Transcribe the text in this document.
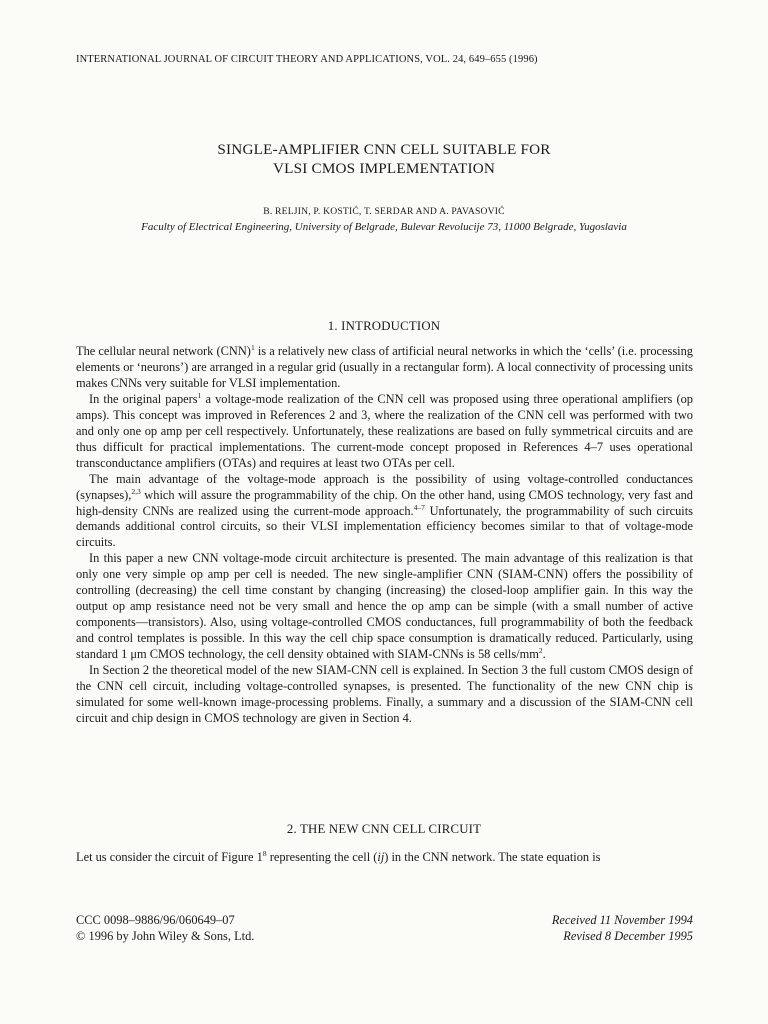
INTERNATIONAL JOURNAL OF CIRCUIT THEORY AND APPLICATIONS, VOL. 24, 649–655 (1996)
SINGLE-AMPLIFIER CNN CELL SUITABLE FOR
VLSI CMOS IMPLEMENTATION
B. RELJIN, P. KOSTIĆ, T. SERDAR AND A. PAVASOVIĆ
Faculty of Electrical Engineering, University of Belgrade, Bulevar Revolucije 73, 11000 Belgrade, Yugoslavia
1. INTRODUCTION

The cellular neural network (CNN)$^1$ is a relatively new class of artificial neural networks in which the ‘cells’ (i.e. processing elements or ‘neurons’) are arranged in a regular grid (usually in a rectangular form). A local connectivity of processing units makes CNNs very suitable for VLSI implementation.

In the original papers$^1$ a voltage-mode realization of the CNN cell was proposed using three operational amplifiers (op amps). This concept was improved in References 2 and 3, where the realization of the CNN cell was performed with two and only one op amp per cell respectively. Unfortunately, these realizations are based on fully symmetrical circuits and are thus difficult for practical implementations. The current-mode concept proposed in References 4–7 uses operational transconductance amplifiers (OTAs) and requires at least two OTAs per cell.

The main advantage of the voltage-mode approach is the possibility of using voltage-controlled conductances (synapses),$^{2,3}$ which will assure the programmability of the chip. On the other hand, using CMOS technology, very fast and high-density CNNs are realized using the current-mode approach.$^{4-7}$ Unfortunately, the programmability of such circuits demands additional control circuits, so their VLSI implementation efficiency becomes similar to that of voltage-mode circuits.

In this paper a new CNN voltage-mode circuit architecture is presented. The main advantage of this realization is that only one very simple op amp per cell is needed. The new single-amplifier CNN (SIAM-CNN) offers the possibility of controlling (decreasing) the cell time constant by changing (increasing) the closed-loop amplifier gain. In this way the output op amp resistance need not be very small and hence the op amp can be simple (with a small number of active components—transistors). Also, using voltage-controlled CMOS conductances, full programmability of both the feedback and control templates is possible. In this way the cell chip space consumption is dramatically reduced. Particularly, using standard 1 μm CMOS technology, the cell density obtained with SIAM-CNNs is 58 cells/$mm^2$.

In Section 2 the theoretical model of the new SIAM-CNN cell is explained. In Section 3 the full custom CMOS design of the CNN cell circuit, including voltage-controlled synapses, is presented. The functionality of the new CNN chip is simulated for some well-known image-processing problems. Finally, a summary and a discussion of the SIAM-CNN cell circuit and chip design in CMOS technology are given in Section 4.

2. THE NEW CNN CELL CIRCUIT

Let us consider the circuit of Figure $1^8$ representing the cell (ij) in the CNN network. The state equation is

CCC 0098–9886/96/060649–07
© 1996 by John Wiley & Sons, Ltd.
Received 11 November 1994
Revised 8 December 1995
